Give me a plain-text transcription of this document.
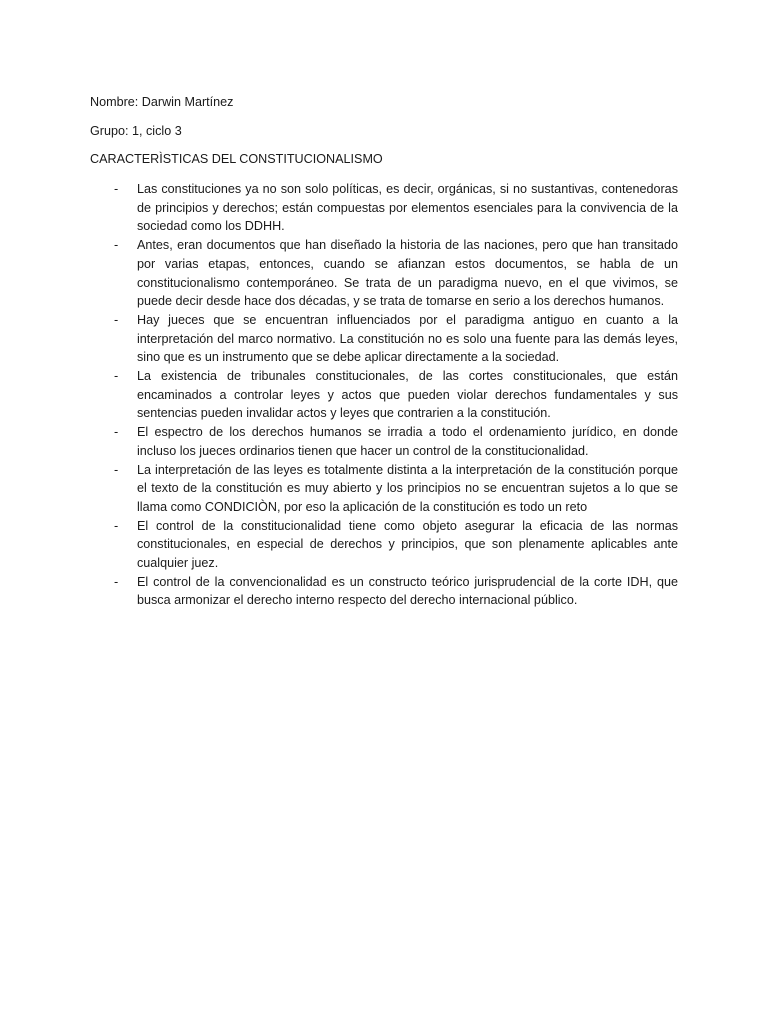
Nombre: Darwin Martínez

Grupo: 1, ciclo 3

CARACTERÌSTICAS DEL CONSTITUCIONALISMO

- Las constituciones ya no son solo políticas, es decir, orgánicas, si no sustantivas, contenedoras de principios y derechos; están compuestas por elementos esenciales para la convivencia de la sociedad como los DDHH.
- Antes, eran documentos que han diseñado la historia de las naciones, pero que han transitado por varias etapas, entonces, cuando se afianzan estos documentos, se habla de un constitucionalismo contemporáneo. Se trata de un paradigma nuevo, en el que vivimos, se puede decir desde hace dos décadas, y se trata de tomarse en serio a los derechos humanos.
- Hay jueces que se encuentran influenciados por el paradigma antiguo en cuanto a la interpretación del marco normativo. La constitución no es solo una fuente para las demás leyes, sino que es un instrumento que se debe aplicar directamente a la sociedad.
- La existencia de tribunales constitucionales, de las cortes constitucionales, que están encaminados a controlar leyes y actos que pueden violar derechos fundamentales y sus sentencias pueden invalidar actos y leyes que contrarien a la constitución.
- El espectro de los derechos humanos se irradia a todo el ordenamiento jurídico, en donde incluso los jueces ordinarios tienen que hacer un control de la constitucionalidad.
- La interpretación de las leyes es totalmente distinta a la interpretación de la constitución porque el texto de la constitución es muy abierto y los principios no se encuentran sujetos a lo que se llama como CONDICIÒN, por eso la aplicación de la constitución es todo un reto
- El control de la constitucionalidad tiene como objeto asegurar la eficacia de las normas constitucionales, en especial de derechos y principios, que son plenamente aplicables ante cualquier juez.
- El control de la convencionalidad es un constructo teórico jurisprudencial de la corte IDH, que busca armonizar el derecho interno respecto del derecho internacional público.
